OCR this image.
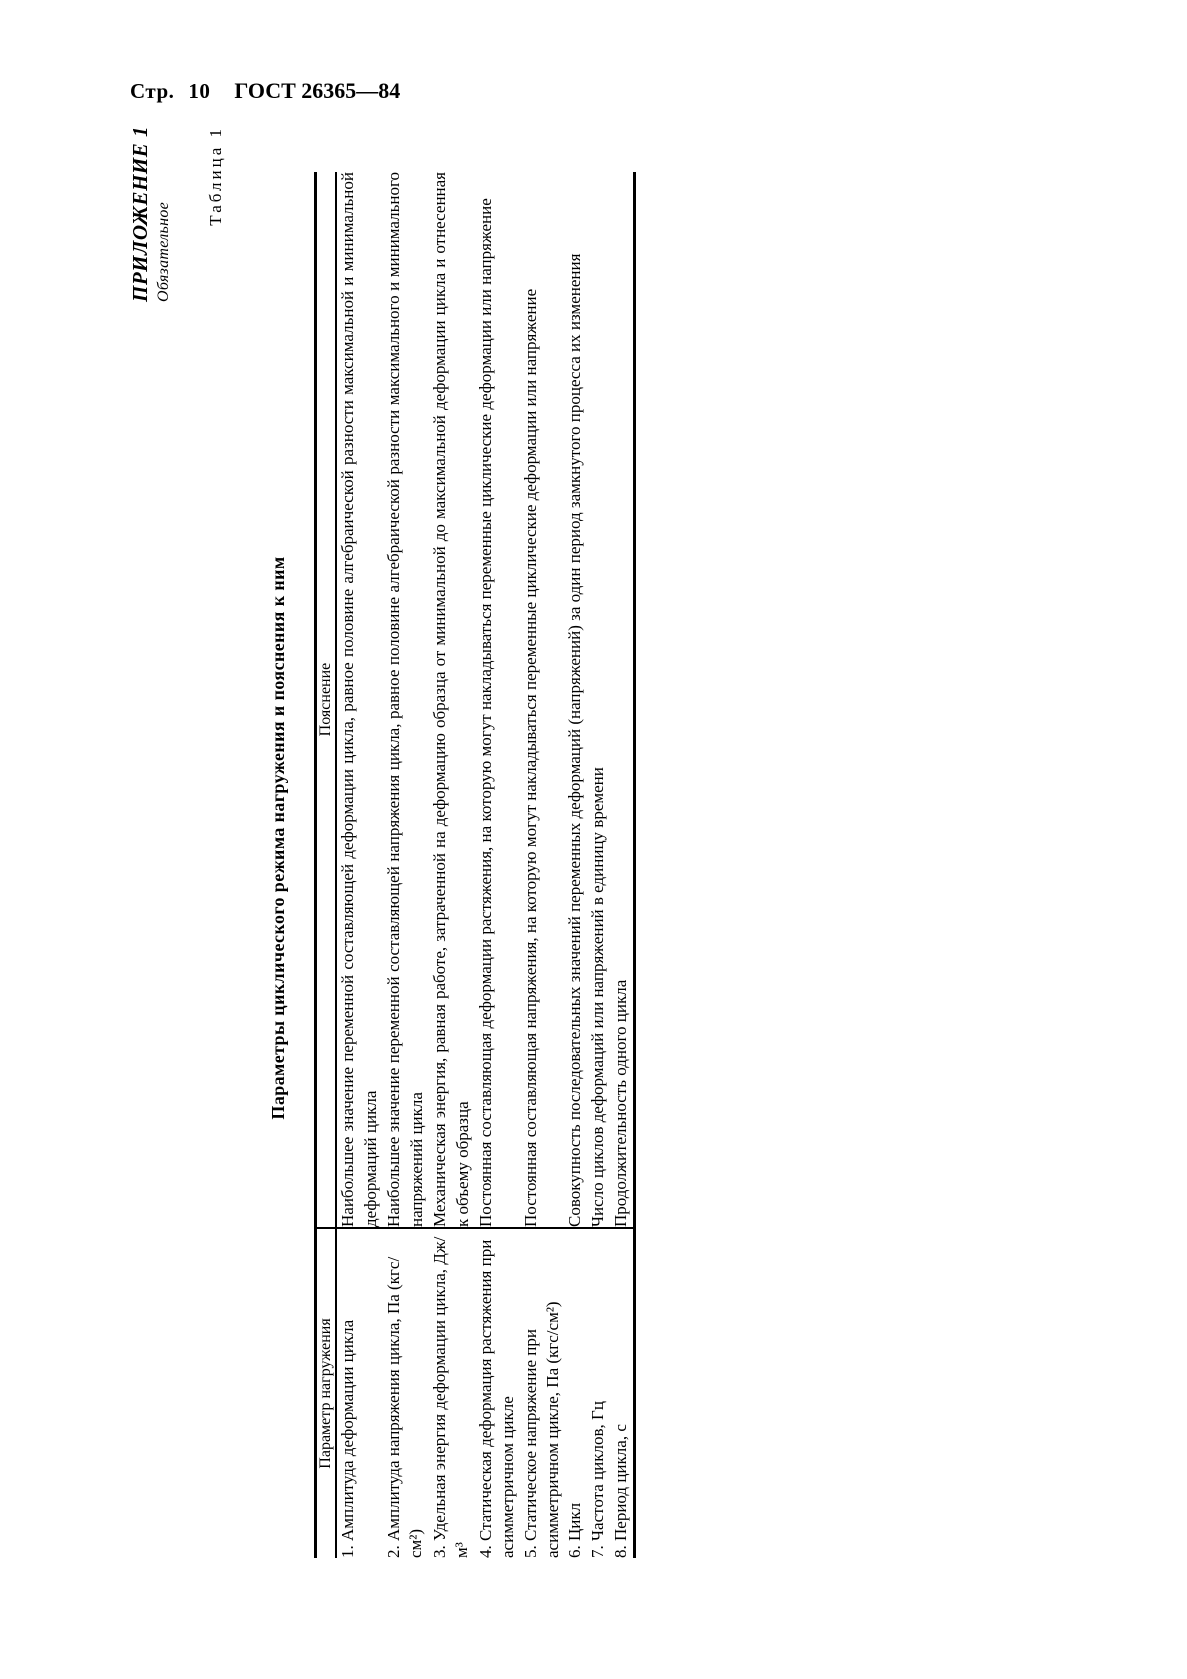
Стр. 10 ГОСТ 26365—84
ПРИЛОЖЕНИЕ 1 Обязательное
Таблица 1
Параметры циклического режима нагружения и пояснения к ним
Параметр нагружения	Пояснение
1. Амплитуда деформации цикла	Наибольшее значение переменной составляющей деформации цикла, равное половине алгебраической разности максимальной и минимальной деформаций цикла
2. Амплитуда напряжения цикла, Па (кгс/см²)	Наибольшее значение переменной составляющей напряжения цикла, равное половине алгебраической разности максимального и минимального напряжений цикла
3. Удельная энергия деформации цикла, Дж/м³	Механическая энергия, равная работе, затраченной на деформацию образца от минимальной до максимальной деформации цикла и отнесенная к объему образца
4. Статическая деформация растяжения при асимметричном цикле	Постоянная составляющая деформации растяжения, на которую могут накладываться переменные циклические деформации или напряжение
5. Статическое напряжение при асимметричном цикле, Па (кгс/см²)	Постоянная составляющая напряжения, на которую могут накладываться переменные циклические деформации или напряжение
6. Цикл	Совокупность последовательных значений переменных деформаций (напряжений) за один период замкнутого процесса их изменения
7. Частота циклов, Гц	Число циклов деформаций или напряжений в единицу времени
8. Период цикла, с	Продолжительность одного цикла
